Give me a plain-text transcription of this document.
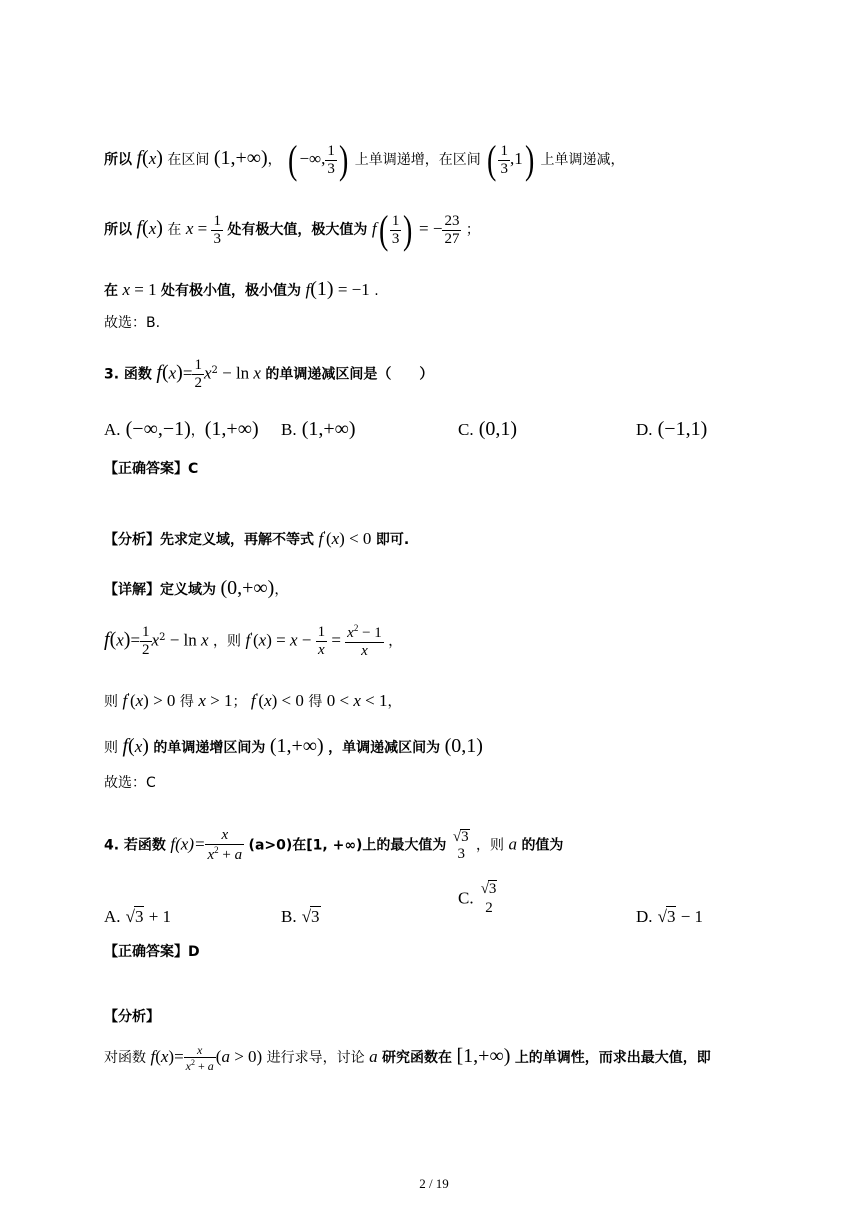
所以 f(x) 在区间 (1,+∞)， ( −∞, $\frac{1}{3}$ ) 上单调递增，在区间 ( $\frac{1}{3} ,1$) 上单调递减，
所以 f(x) 在 $x = \frac{1}{3}$ 处有极大值，极大值为 $f( \frac{1}{3}$ ) = − $\frac{23}{27}$ ；
在 x = 1 处有极小值，极小值为 f(1) = −1 .
故选：B.
3. 函数 $f(x)= \frac{1}{2} x^2 - \ln x$ 的单调递减区间是（　　）
A. (−∞,−1)，(1,+∞) B. (1,+∞)	C. (0,1)	D. (−1,1)
【正确答案】C
【分析】先求定义域，再解不等式 f'(x) < 0 即可.
【详解】定义域为 (0,+∞)，
$f(x)= \frac{1}{2} x^2 - \ln x$ ，则 $f'(x) = x - \frac{1}{x} = \frac{x^2 - 1}{x}$ ，
则 f'(x) > 0 得 x > 1； f'(x) < 0 得 0 < x < 1，
则 f(x) 的单调递增区间为 (1,+∞) ，单调递减区间为 (0,1)
故选：C
4. 若函数 $f(x)= \frac{x}{x^2 + a} (a>0)$在[1, +∞)上的最大值为
√3
3
，则 a 的值为
A. √3 + 1	B. √3
C. √3
2	D. √3 − 1
【正确答案】D
【分析】
对函数 $f(x)= \frac{x}{x^2 + a} (a > 0)$ 进行求导，讨论 a 研究函数在 [1,+∞) 上的单调性，而求出最大值，即
2 / 19
